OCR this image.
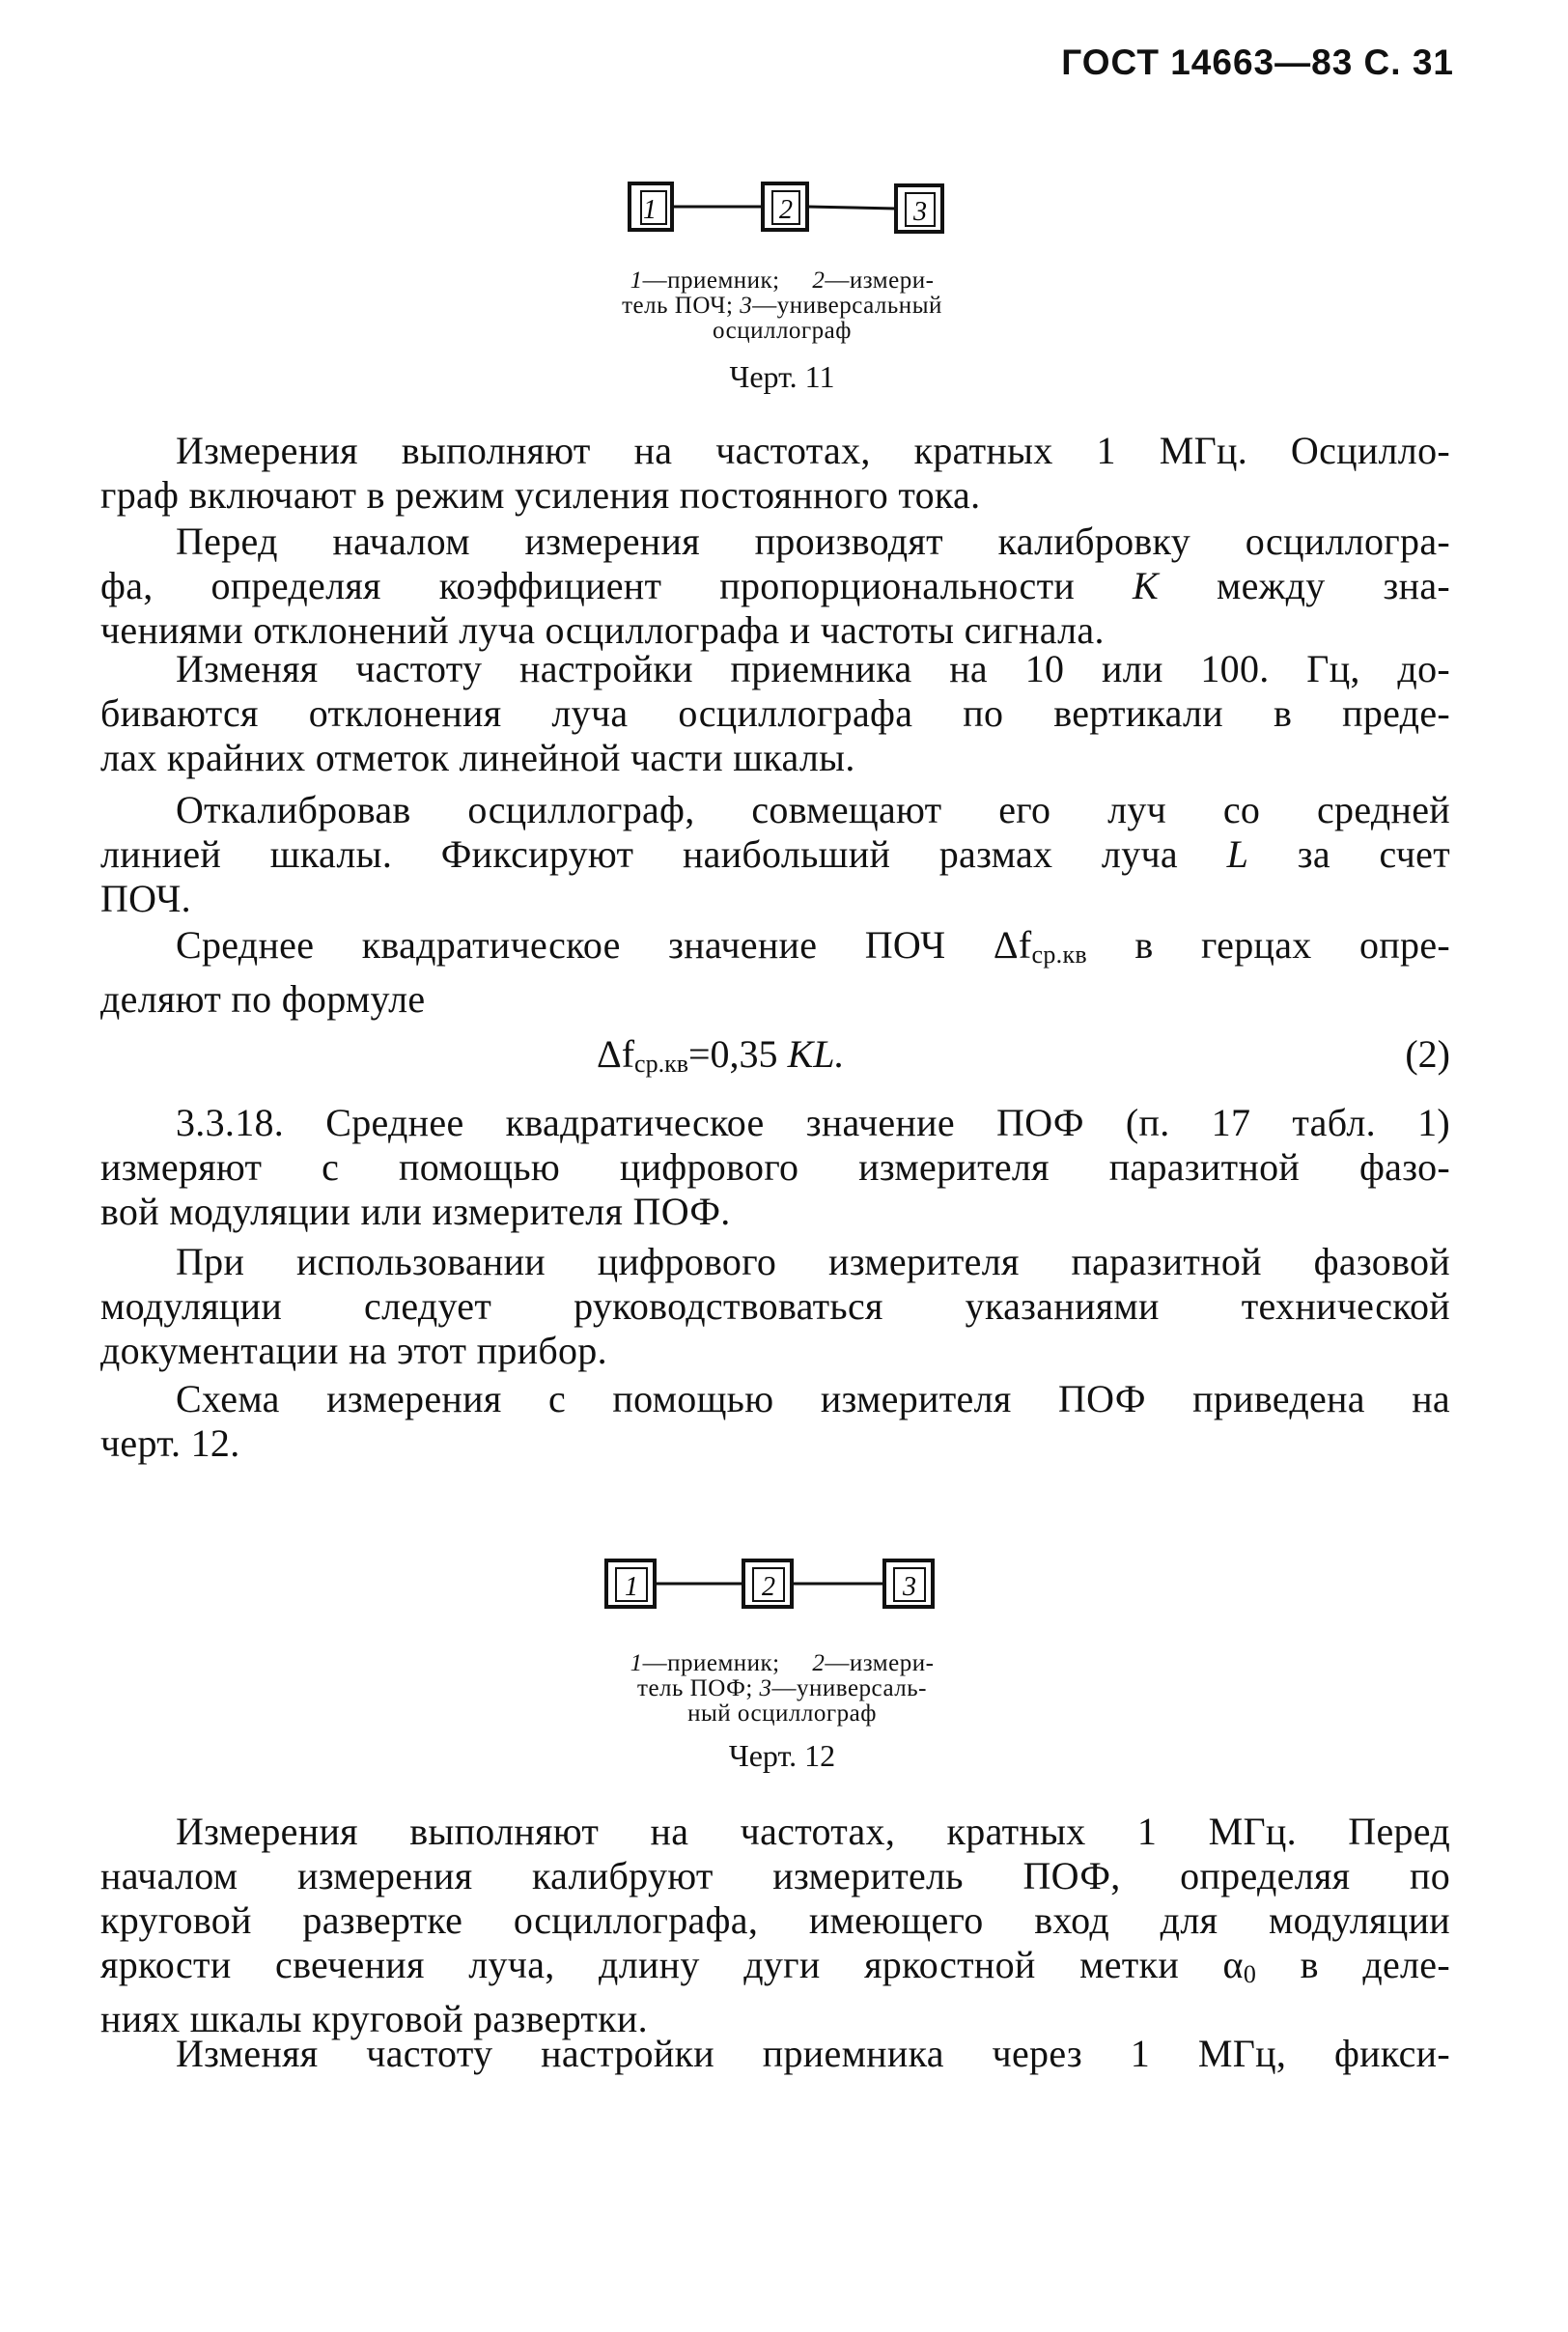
ГОСТ 14663—83 С. 31
1	2	3
1—приемник; 2—измери-
тель ПОЧ; 3—универсальный
осциллограф
Черт. 11
Измерения выполняют на частотах, кратных 1 МГц. Осцилло-
граф включают в режим усиления постоянного тока.
Перед началом измерения производят калибровку осциллогра-
фа, определяя коэффициент пропорциональности K между зна-
чениями отклонений луча осциллографа и частоты сигнала.
Изменяя частоту настройки приемника на 10 или 100. Гц, до-
биваются отклонения луча осциллографа по вертикали в преде-
лах крайних отметок линейной части шкалы.
Откалибровав осциллограф, совмещают его луч со средней
линией шкалы. Фиксируют наибольший размах луча L за счет
ПОЧ.
Среднее квадратическое значение ПОЧ Δfср.кв в герцах опре-
деляют по формуле
Δfср.кв=0,35 KL.	(2)
3.3.18. Среднее квадратическое значение ПОФ (п. 17 табл. 1)
измеряют с помощью цифрового измерителя паразитной фазо-
вой модуляции или измерителя ПОФ.
При использовании цифрового измерителя паразитной фазовой
модуляции следует руководствоваться указаниями технической
документации на этот прибор.
Схема измерения с помощью измерителя ПОФ приведена на
черт. 12.
1	2	3
1—приемник; 2—измери-
тель ПОФ; 3—универсаль-
ный осциллограф
Черт. 12
Измерения выполняют на частотах, кратных 1 МГц. Перед
началом измерения калибруют измеритель ПОФ, определяя по
круговой развертке осциллографа, имеющего вход для модуляции
яркости свечения луча, длину дуги яркостной метки α0 в деле-
ниях шкалы круговой развертки.
Изменяя частоту настройки приемника через 1 МГц, фикси-
